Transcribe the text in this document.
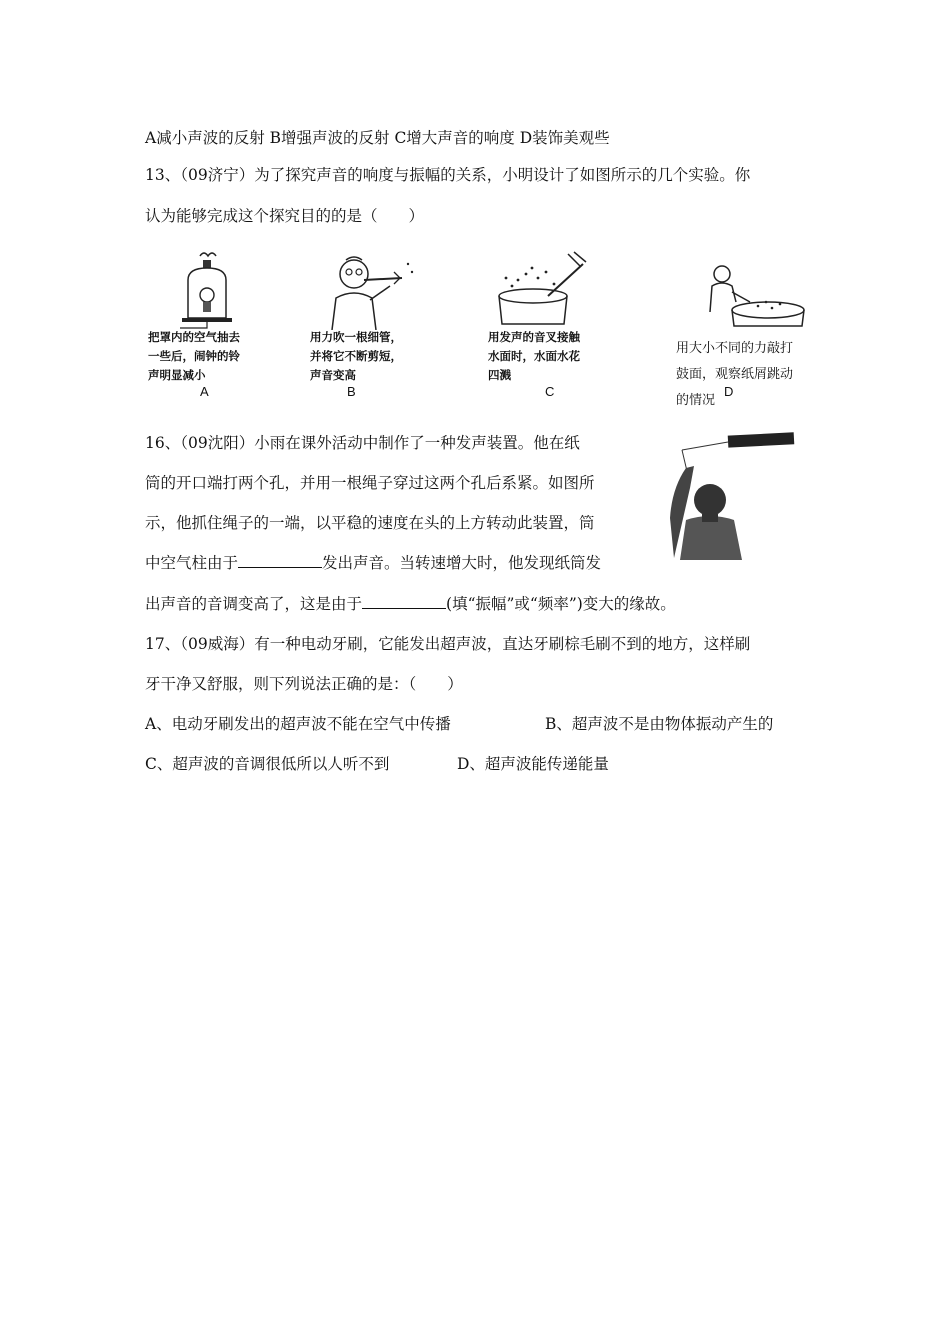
A减小声波的反射 B增强声波的反射 C增大声音的响度 D装饰美观些
13、（09济宁）为了探究声音的响度与振幅的关系，小明设计了如图所示的几个实验。你
认为能够完成这个探究目的的是（　　）
把罩内的空气抽去
一些后，闹钟的铃
声明显减小
A
用力吹一根细管，
并将它不断剪短，
声音变高
B
用发声的音叉接触
水面时，水面水花
四溅
C
用大小不同的力敲打
鼓面，观察纸屑跳动
的情况
D
16、（09沈阳）小雨在课外活动中制作了一种发声装置。他在纸
筒的开口端打两个孔，并用一根绳子穿过这两个孔后系紧。如图所
示，他抓住绳子的一端，以平稳的速度在头的上方转动此装置，筒
中空气柱由于	发出声音。当转速增大时，他发现纸筒发
出声音的音调变高了，这是由于	(填“振幅”或“频率”)变大的缘故。
17、（09威海）有一种电动牙刷，它能发出超声波，直达牙刷棕毛刷不到的地方，这样刷
牙干净又舒服，则下列说法正确的是：（　　）
A、电动牙刷发出的超声波不能在空气中传播	B、超声波不是由物体振动产生的
C、超声波的音调很低所以人听不到	D、超声波能传递能量
